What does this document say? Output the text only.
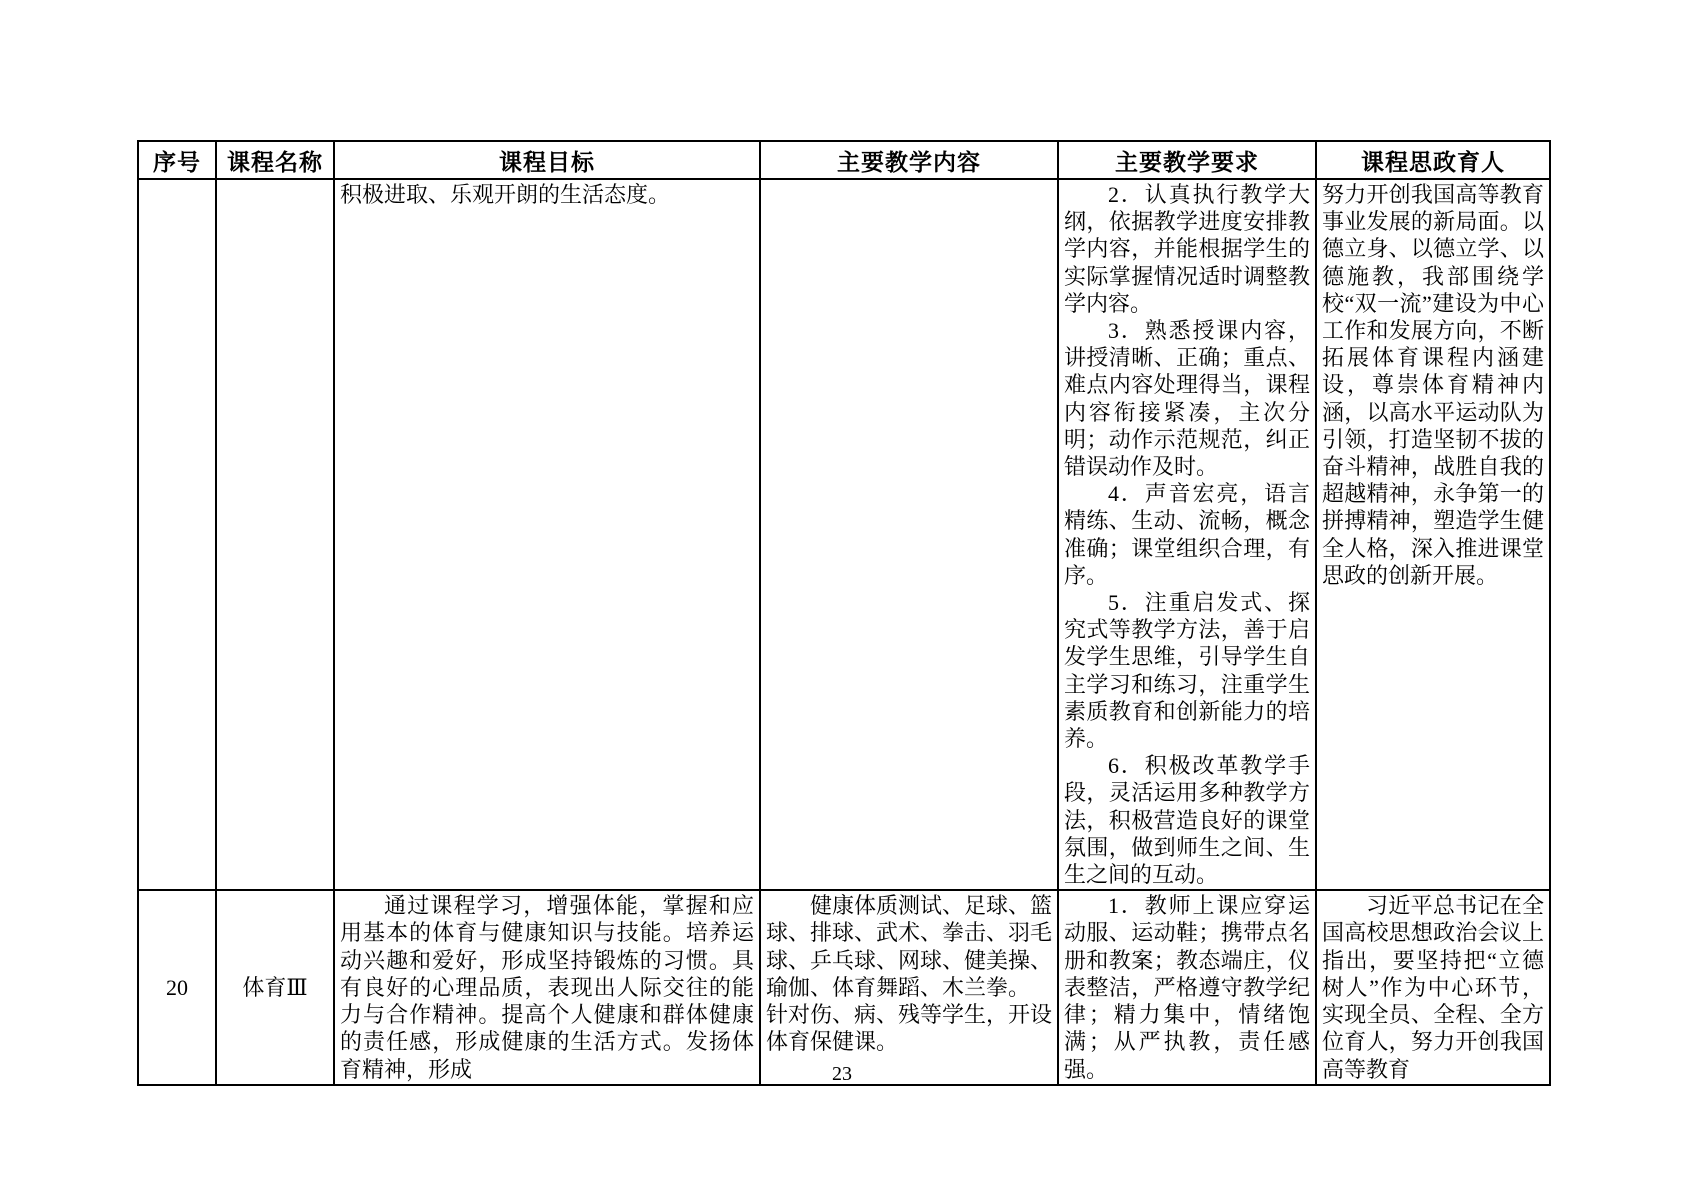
序号	课程名称	课程目标	主要教学内容	主要教学要求	课程思政育人

		积极进取、乐观开朗的生活态度。		2．认真执行教学大纲，依据教学进度安排教学内容，并能根据学生的实际掌握情况适时调整教学内容。

3．熟悉授课内容，讲授清晰、正确；重点、难点内容处理得当，课程内容衔接紧凑，主次分明；动作示范规范，纠正错误动作及时。

4．声音宏亮，语言精练、生动、流畅，概念准确；课堂组织合理，有序。

5．注重启发式、探究式等教学方法，善于启发学生思维，引导学生自主学习和练习，注重学生素质教育和创新能力的培养。

6．积极改革教学手段，灵活运用多种教学方法，积极营造良好的课堂氛围，做到师生之间、生生之间的互动。	努力开创我国高等教育事业发展的新局面。以德立身、以德立学、以德施教，我部围绕学校“双一流”建设为中心工作和发展方向，不断拓展体育课程内涵建设，尊崇体育精神内涵，以高水平运动队为引领，打造坚韧不拔的奋斗精神，战胜自我的超越精神，永争第一的拼搏精神，塑造学生健全人格，深入推进课堂思政的创新开展。

20	体育Ⅲ	通过课程学习，增强体能，掌握和应用基本的体育与健康知识与技能。培养运动兴趣和爱好，形成坚持锻炼的习惯。具有良好的心理品质，表现出人际交往的能力与合作精神。提高个人健康和群体健康的责任感，形成健康的生活方式。发扬体育精神，形成	健康体质测试、足球、篮球、排球、武术、拳击、羽毛球、乒乓球、网球、健美操、瑜伽、体育舞蹈、木兰拳。

针对伤、病、残等学生，开设体育保健课。	1．教师上课应穿运动服、运动鞋；携带点名册和教案；教态端庄，仪表整洁，严格遵守教学纪律；精力集中，情绪饱满；从严执教，责任感强。	习近平总书记在全国高校思想政治会议上指出，要坚持把“立德树人”作为中心环节，实现全员、全程、全方位育人，努力开创我国高等教育

23
